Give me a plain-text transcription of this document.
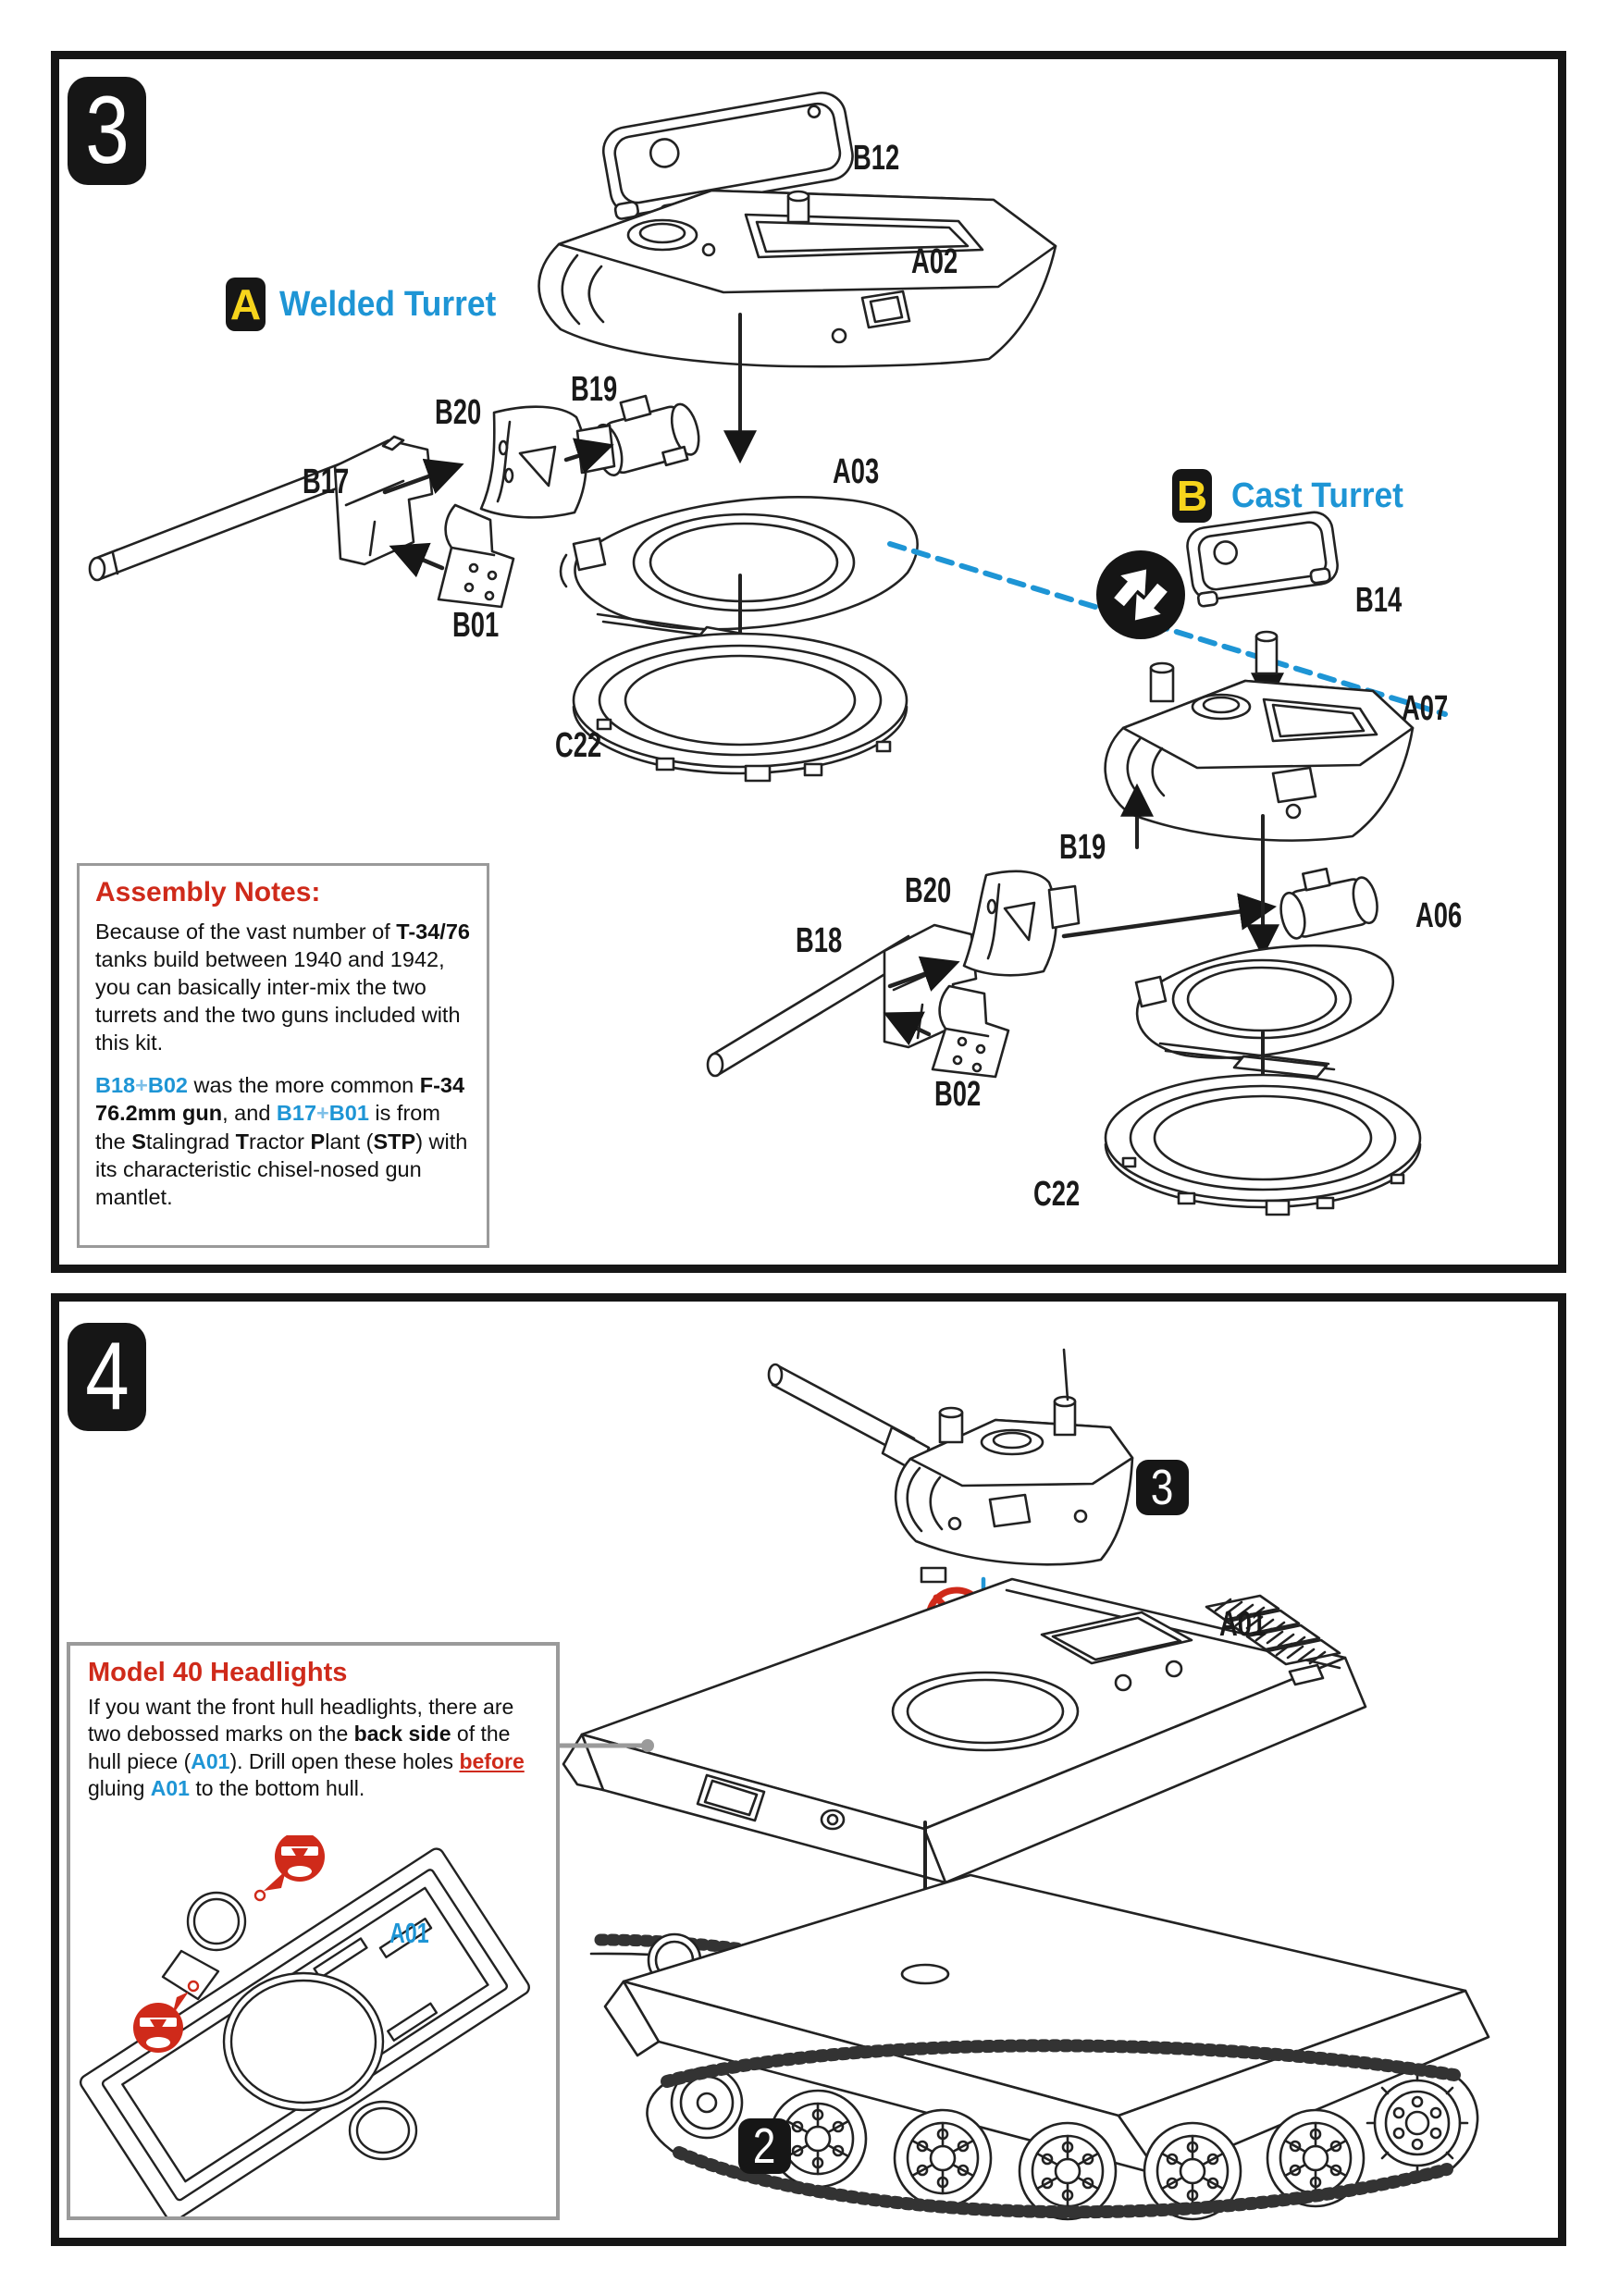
3
A Welded Turret
B Cast Turret
B12
A02
B19
B20
B17
B01
A03
C22
B14
A07
B19
B20
B18
B02
A06
C22
Assembly Notes:

Because of the vast number of T-34/76 tanks build between 1940 and 1942, you can basically inter-mix the two turrets and the two guns included with this kit.

B18+B02 was the more common F-34 76.2mm gun, and B17+B01 is from the Stalingrad Tractor Plant (STP) with its characteristic chisel-nosed gun mantlet.

4
3
2
A01
Model 40 Headlights

If you want the front hull headlights, there are two debossed marks on the back side of the hull piece (A01). Drill open these holes before gluing A01 to the bottom hull.

A01
